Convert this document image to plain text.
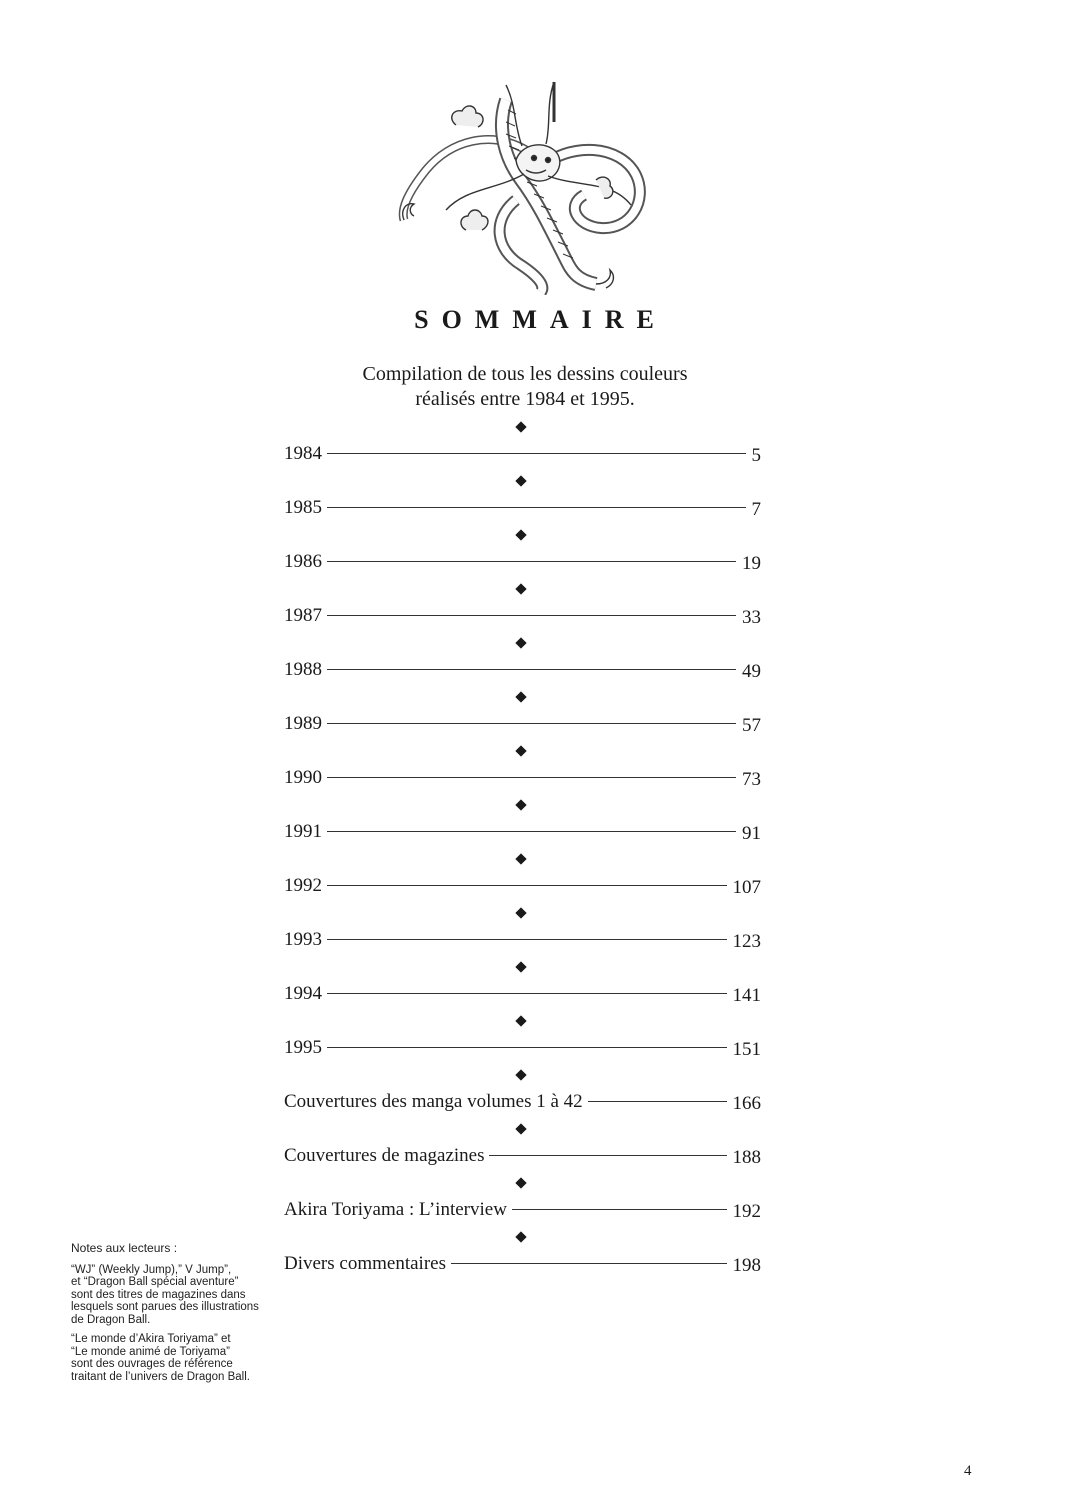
SOMMAIRE
Compilation de tous les dessins couleurs
réalisés entre 1984 et 1995.
1984	5
1985	7
1986	19
1987	33
1988	49
1989	57
1990	73
1991	91
1992	107
1993	123
1994	141
1995	151
Couvertures des manga volumes 1 à 42	166
Couvertures de magazines	188
Akira Toriyama : L’interview	192
Divers commentaires	198
Notes aux lecteurs :

“WJ” (Weekly Jump),” V Jump”,
et “Dragon Ball spécial aventure”
sont des titres de magazines dans
lesquels sont parues des illustrations
de Dragon Ball.

“Le monde d’Akira Toriyama” et
“Le monde animé de Toriyama”
sont des ouvrages de référence
traitant de l’univers de Dragon Ball.

4
